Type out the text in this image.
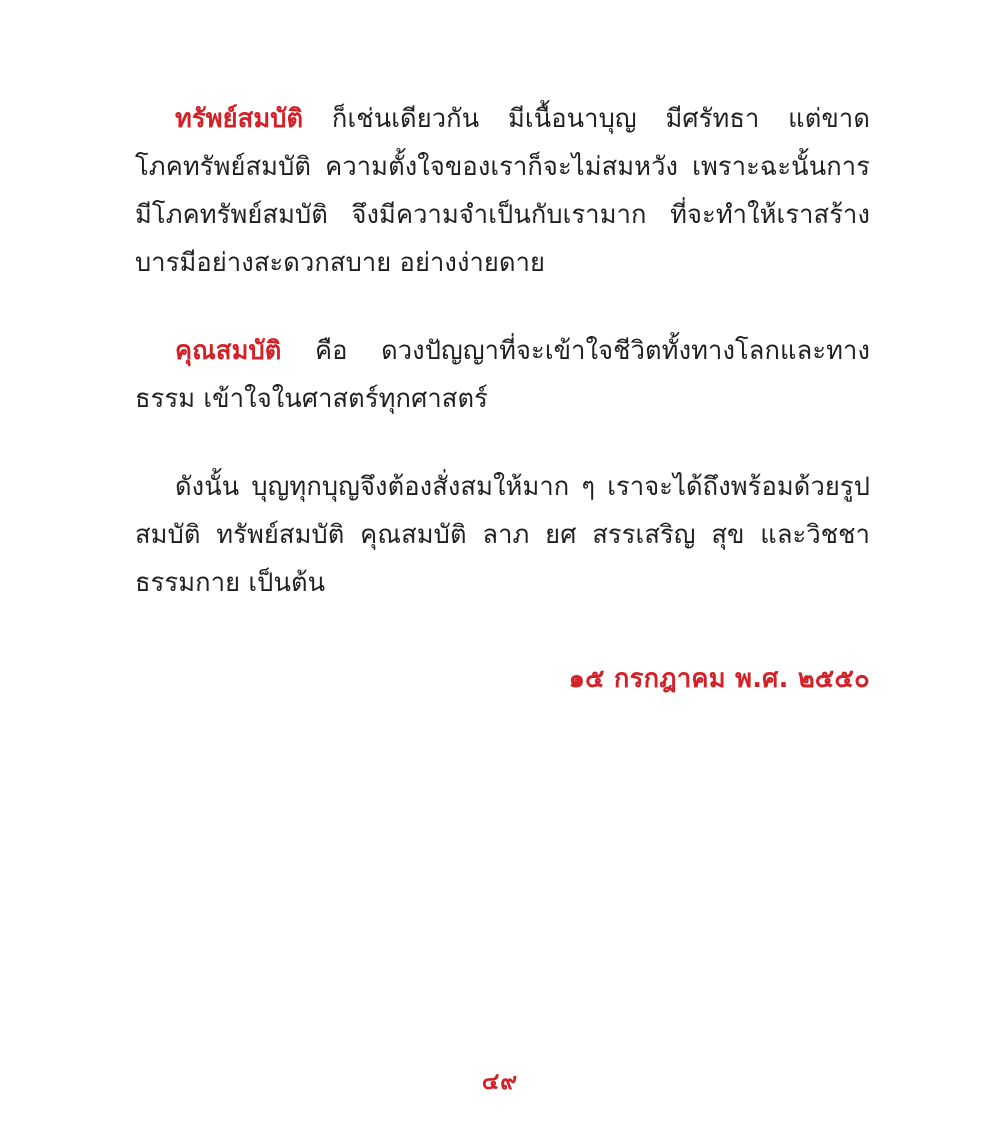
ทรัพย์สมบัติ ก็เช่นเดียวกัน มีเนื้อนาบุญ มีศรัทธา แต่ขาดโภคทรัพย์สมบัติ ความตั้งใจของเราก็จะไม่สมหวัง เพราะฉะนั้นการมีโภคทรัพย์สมบัติ จึงมีความจำเป็นกับเรามาก ที่จะทำให้เราสร้างบารมีอย่างสะดวกสบาย อย่างง่ายดาย

คุณสมบัติ คือ ดวงปัญญาที่จะเข้าใจชีวิตทั้งทางโลกและทางธรรม เข้าใจในศาสตร์ทุกศาสตร์

ดังนั้น บุญทุกบุญจึงต้องสั่งสมให้มาก ๆ เราจะได้ถึงพร้อมด้วยรูปสมบัติ ทรัพย์สมบัติ คุณสมบัติ ลาภ ยศ สรรเสริญ สุข และวิชชาธรรมกาย เป็นต้น

๑๕ กรกฎาคม พ.ศ. ๒๕๕๐
๔๙
